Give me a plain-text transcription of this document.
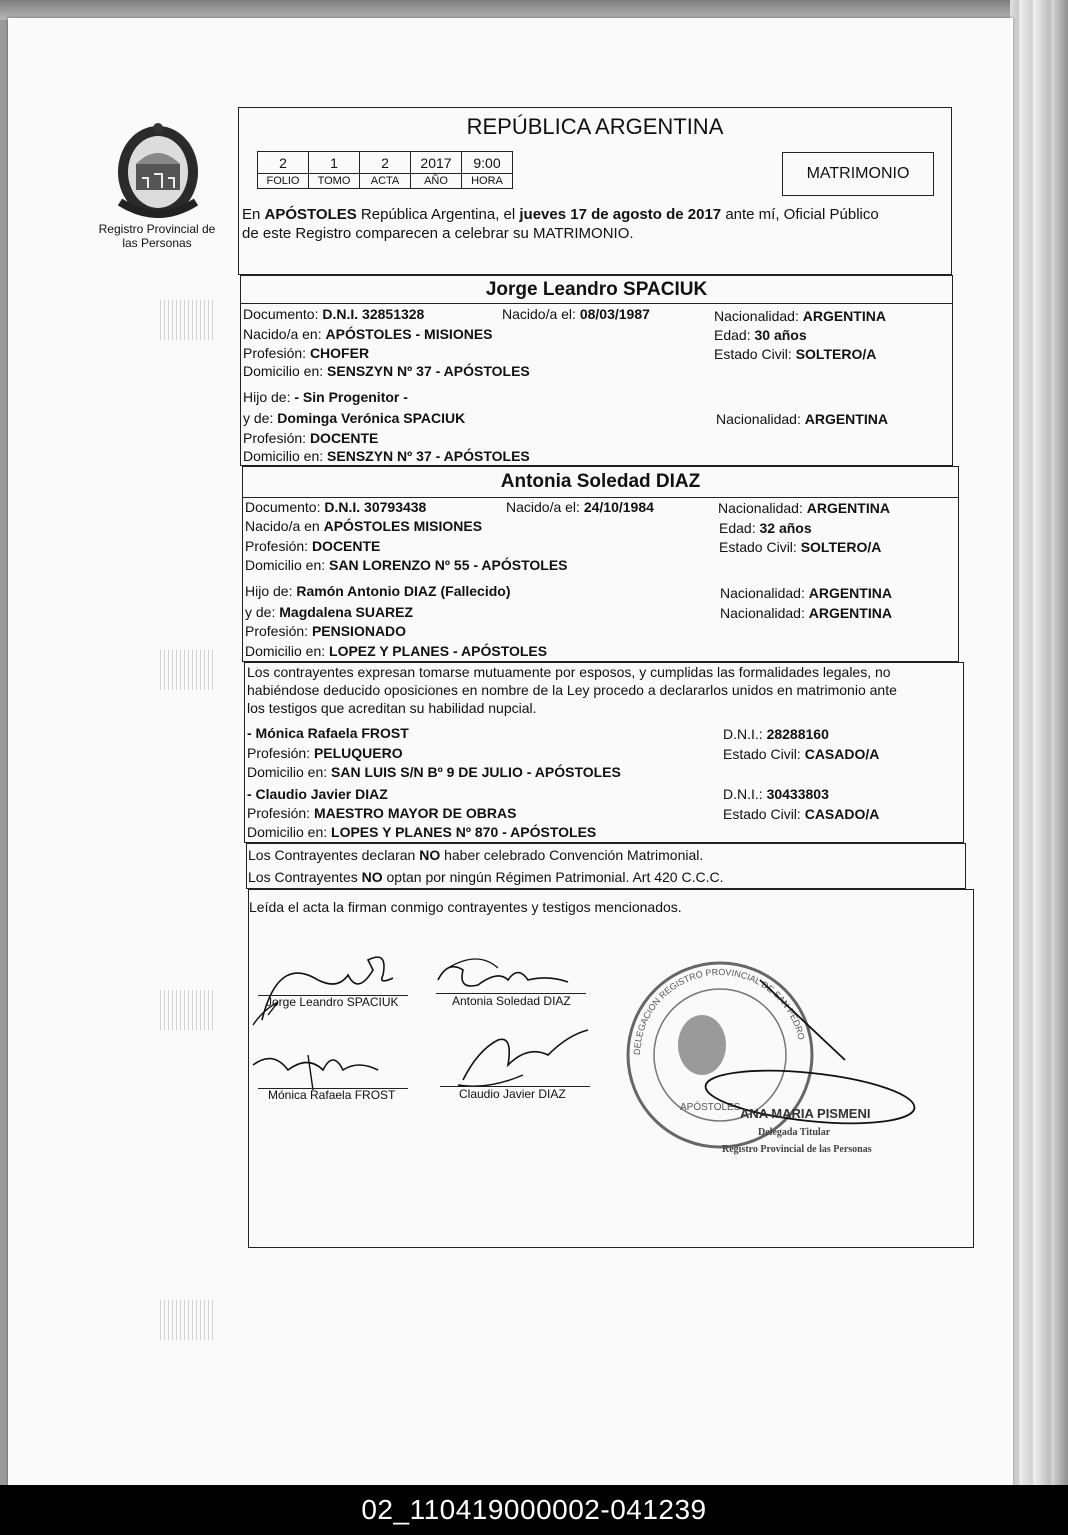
Registro Provincial de las Personas
REPÚBLICA ARGENTINA
2	1	2	2017	9:00
FOLIO	TOMO	ACTA	AÑO	HORA	MATRIMONIO
En APÓSTOLES República Argentina, el jueves 17 de agosto de 2017 ante mí, Oficial Público
de este Registro comparecen a celebrar su MATRIMONIO.
Jorge Leandro SPACIUK
Documento: D.N.I. 32851328	Nacido/a el: 08/03/1987	Nacionalidad: ARGENTINA
Nacido/a en: APÓSTOLES - MISIONES	Edad: 30 años
Profesión: CHOFER	Estado Civil: SOLTERO/A
Domicilio en: SENSZYN Nº 37 - APÓSTOLES
Hijo de: - Sin Progenitor -
y de: Dominga Verónica SPACIUK	Nacionalidad: ARGENTINA
Profesión: DOCENTE
Domicilio en: SENSZYN Nº 37 - APÓSTOLES
Antonia Soledad DIAZ
Documento: D.N.I. 30793438	Nacido/a el: 24/10/1984	Nacionalidad: ARGENTINA
Nacido/a en APÓSTOLES MISIONES	Edad: 32 años
Profesión: DOCENTE	Estado Civil: SOLTERO/A
Domicilio en: SAN LORENZO Nº 55 - APÓSTOLES
Hijo de: Ramón Antonio DIAZ (Fallecido)	Nacionalidad: ARGENTINA
y de: Magdalena SUAREZ	Nacionalidad: ARGENTINA
Profesión: PENSIONADO
Domicilio en: LOPEZ Y PLANES - APÓSTOLES
Los contrayentes expresan tomarse mutuamente por esposos, y cumplidas las formalidades legales, no
habiéndose deducido oposiciones en nombre de la Ley procedo a declararlos unidos en matrimonio ante
los testigos que acreditan su habilidad nupcial.
- Mónica Rafaela FROST	D.N.I.: 28288160
Profesión: PELUQUERO	Estado Civil: CASADO/A
Domicilio en: SAN LUIS S/N Bº 9 DE JULIO - APÓSTOLES
- Claudio Javier DIAZ	D.N.I.: 30433803
Profesión: MAESTRO MAYOR DE OBRAS	Estado Civil: CASADO/A
Domicilio en: LOPES Y PLANES Nº 870 - APÓSTOLES
Los Contrayentes declaran NO haber celebrado Convención Matrimonial.
Los Contrayentes NO optan por ningún Régimen Patrimonial. Art 420 C.C.C.
Leída el acta la firman conmigo contrayentes y testigos mencionados.
Jorge Leandro SPACIUK	Antonia Soledad DIAZ
Mónica Rafaela FROST	Claudio Javier DIAZ
DELEGACION REGISTRO PROVINCIAL DE SAN PEDRO
APÓSTOLES ANA MARIA PISMENI
Delegada Titular
Registro Provincial de las Personas
02_110419000002-041239
